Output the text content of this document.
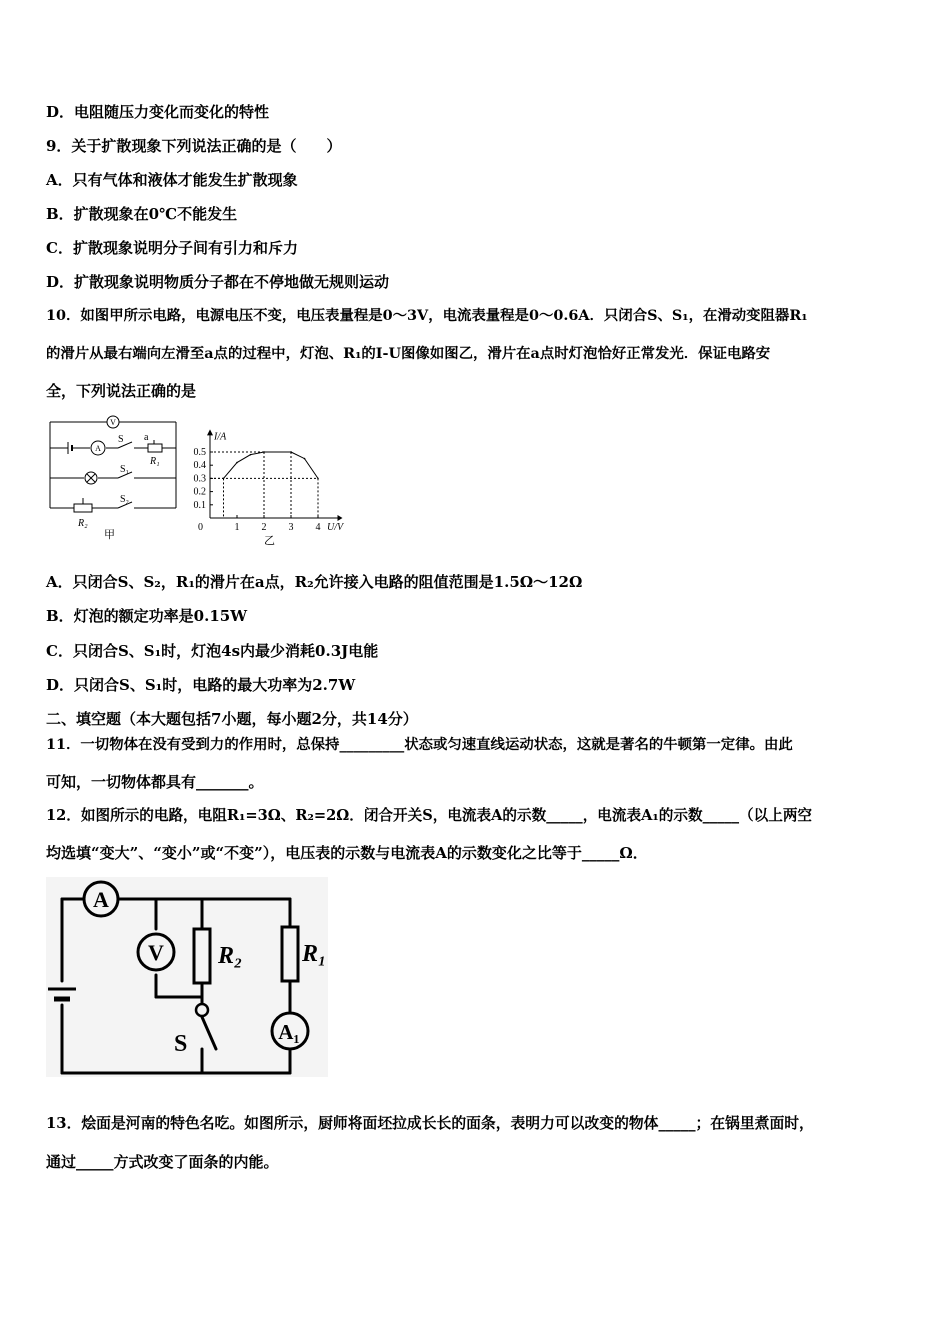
D．电阻随压力变化而变化的特性
9．关于扩散现象下列说法正确的是（　　）
A．只有气体和液体才能发生扩散现象
B．扩散现象在0℃不能发生
C．扩散现象说明分子间有引力和斥力
D．扩散现象说明物质分子都在不停地做无规则运动
10．如图甲所示电路，电源电压不变，电压表量程是0～3V，电流表量程是0～0.6A．只闭合S、S₁，在滑动变阻器R₁
的滑片从最右端向左滑至a点的过程中，灯泡、R₁的I-U图像如图乙，滑片在a点时灯泡恰好正常发光．保证电路安
全，下列说法正确的是
V
A
S a
R₁
S₁
S₂
R₂
甲
0.1
0.2
0.3
0.4
0.5
1 2 3 4
0
I/A
U/V
乙
A．只闭合S、S₂，R₁的滑片在a点，R₂允许接入电路的阻值范围是1.5Ω～12Ω
B．灯泡的额定功率是0.15W
C．只闭合S、S₁时，灯泡4s内最少消耗0.3J电能
D．只闭合S、S₁时，电路的最大功率为2.7W
二、填空题（本大题包括7小题，每小题2分，共14分）
11．一切物体在没有受到力的作用时，总保持_________状态或匀速直线运动状态，这就是著名的牛顿第一定律。由此
可知，一切物体都具有_______。
12．如图所示的电路，电阻R₁=3Ω、R₂=2Ω．闭合开关S，电流表A的示数_____，电流表A₁的示数_____（以上两空
均选填“变大”、“变小”或“不变”），电压表的示数与电流表A的示数变化之比等于_____Ω．
A
V
A₁
R₂ R₁
S
13．烩面是河南的特色名吃。如图所示，厨师将面坯拉成长长的面条，表明力可以改变的物体_____；在锅里煮面时，
通过_____方式改变了面条的内能。
